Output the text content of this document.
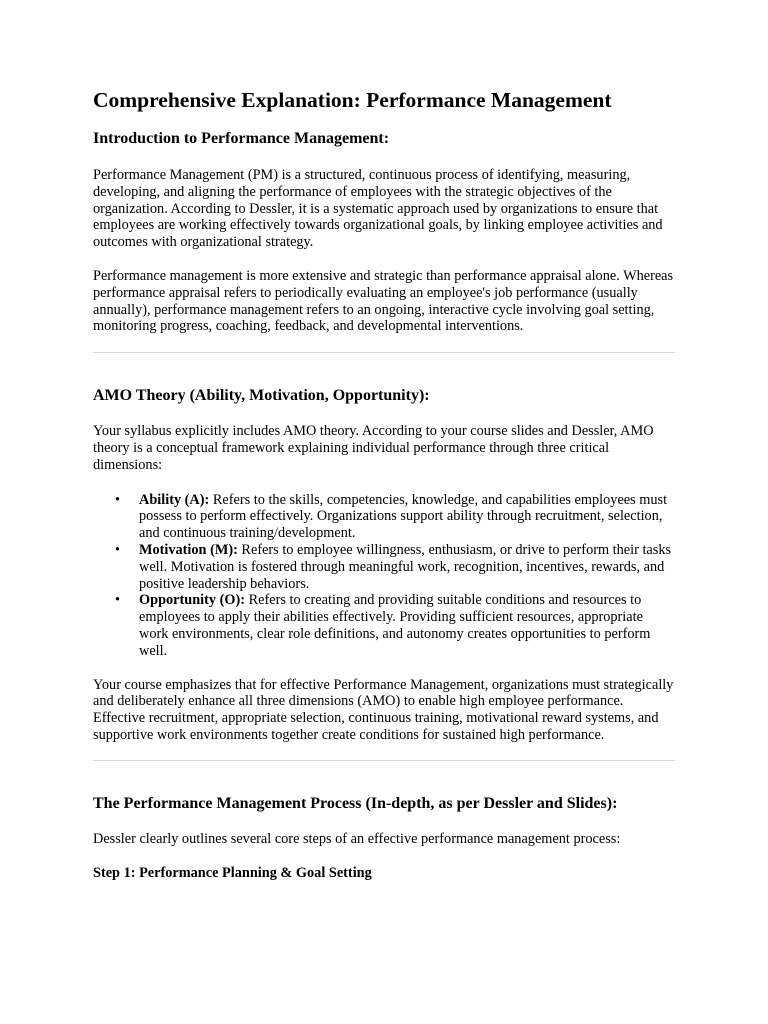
Comprehensive Explanation: Performance Management
Introduction to Performance Management:

Performance Management (PM) is a structured, continuous process of identifying, measuring, developing, and aligning the performance of employees with the strategic objectives of the organization. According to Dessler, it is a systematic approach used by organizations to ensure that employees are working effectively towards organizational goals, by linking employee activities and outcomes with organizational strategy.

Performance management is more extensive and strategic than performance appraisal alone. Whereas performance appraisal refers to periodically evaluating an employee's job performance (usually annually), performance management refers to an ongoing, interactive cycle involving goal setting, monitoring progress, coaching, feedback, and developmental interventions.

AMO Theory (Ability, Motivation, Opportunity):

Your syllabus explicitly includes AMO theory. According to your course slides and Dessler, AMO theory is a conceptual framework explaining individual performance through three critical dimensions:

• Ability (A): Refers to the skills, competencies, knowledge, and capabilities employees must possess to perform effectively. Organizations support ability through recruitment, selection, and continuous training/development.
• Motivation (M): Refers to employee willingness, enthusiasm, or drive to perform their tasks well. Motivation is fostered through meaningful work, recognition, incentives, rewards, and positive leadership behaviors.
• Opportunity (O): Refers to creating and providing suitable conditions and resources to employees to apply their abilities effectively. Providing sufficient resources, appropriate work environments, clear role definitions, and autonomy creates opportunities to perform well.

Your course emphasizes that for effective Performance Management, organizations must strategically and deliberately enhance all three dimensions (AMO) to enable high employee performance. Effective recruitment, appropriate selection, continuous training, motivational reward systems, and supportive work environments together create conditions for sustained high performance.

The Performance Management Process (In-depth, as per Dessler and Slides):

Dessler clearly outlines several core steps of an effective performance management process:

Step 1: Performance Planning & Goal Setting
